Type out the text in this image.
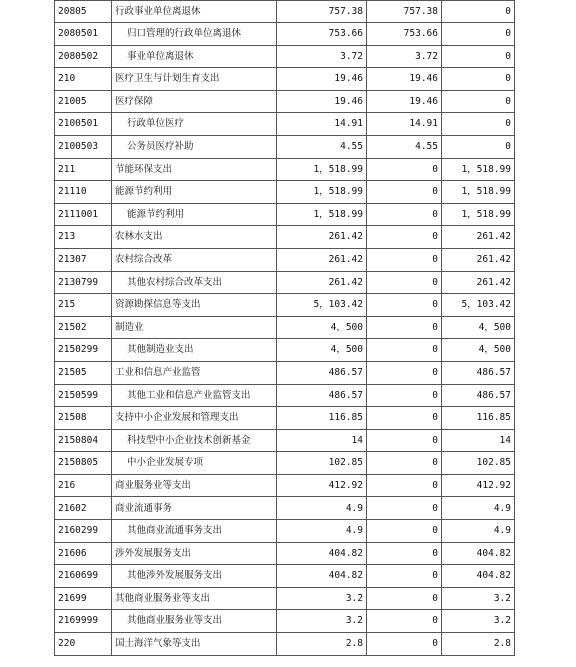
20805	行政事业单位离退休	757.38	757.38	0
2080501	归口管理的行政单位离退休	753.66	753.66	0
2080502	事业单位离退休	3.72	3.72	0
210	医疗卫生与计划生育支出	19.46	19.46	0
21005	医疗保障	19.46	19.46	0
2100501	行政单位医疗	14.91	14.91	0
2100503	公务员医疗补助	4.55	4.55	0
211	节能环保支出	1，518.99	0	1，518.99
21110	能源节约利用	1，518.99	0	1，518.99
2111001	能源节约利用	1，518.99	0	1，518.99
213	农林水支出	261.42	0	261.42
21307	农村综合改革	261.42	0	261.42
2130799	其他农村综合改革支出	261.42	0	261.42
215	资源勘探信息等支出	5，103.42	0	5，103.42
21502	制造业	4，500	0	4，500
2150299	其他制造业支出	4，500	0	4，500
21505	工业和信息产业监管	486.57	0	486.57
2150599	其他工业和信息产业监管支出	486.57	0	486.57
21508	支持中小企业发展和管理支出	116.85	0	116.85
2150804	科技型中小企业技术创新基金	14	0	14
2150805	中小企业发展专项	102.85	0	102.85
216	商业服务业等支出	412.92	0	412.92
21602	商业流通事务	4.9	0	4.9
2160299	其他商业流通事务支出	4.9	0	4.9
21606	涉外发展服务支出	404.82	0	404.82
2160699	其他涉外发展服务支出	404.82	0	404.82
21699	其他商业服务业等支出	3.2	0	3.2
2169999	其他商业服务业等支出	3.2	0	3.2
220	国土海洋气象等支出	2.8	0	2.8
